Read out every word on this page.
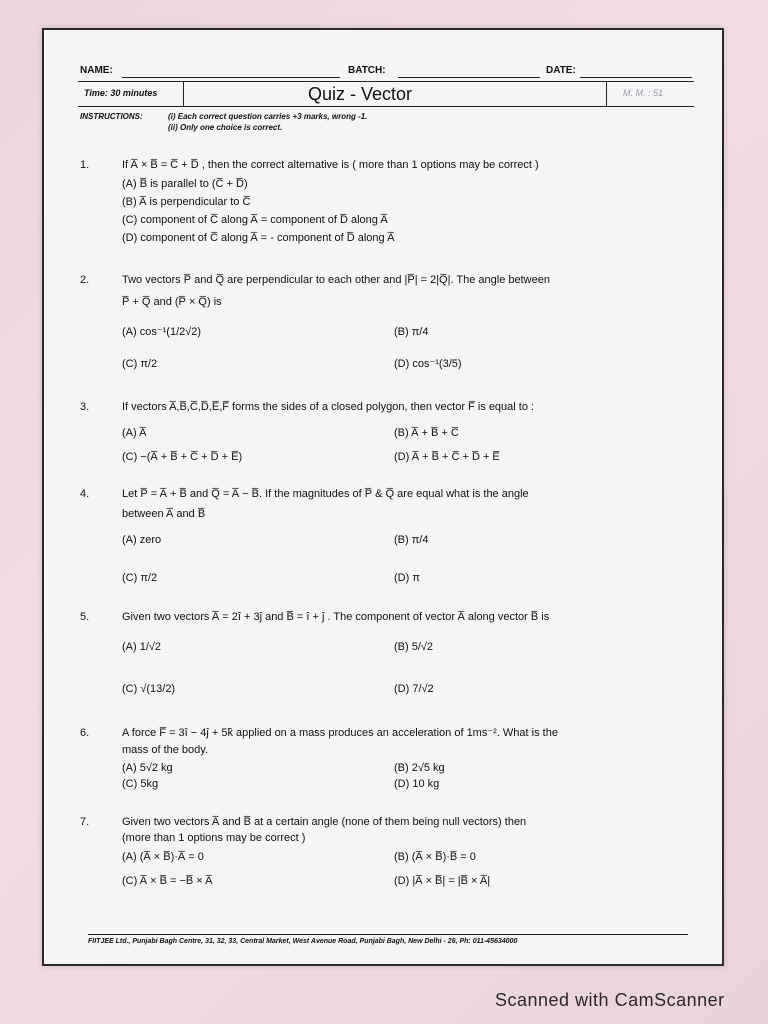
NAME:	BATCH:	DATE:
Time: 30 minutes	Quiz - Vector	M. M. : 51
INSTRUCTIONS:	(i) Each correct question carries +3 marks, wrong -1.
(ii) Only one choice is correct.
1.	If A̅ × B̅ = C̅ + D̅ , then the correct alternative is ( more than 1 options may be correct )
(A) B̅ is parallel to (C̅ + D̅)
(B) A̅ is perpendicular to C̅
(C) component of C̅ along A̅ = component of D̅ along A̅
(D) component of C̅ along A̅ = - component of D̅ along A̅
2.	Two vectors P̅ and Q̅ are perpendicular to each other and |P̅| = 2|Q̅|. The angle between
P̅ + Q̅ and (P̅ × Q̅) is
(A) cos⁻¹(1/2√2)	(B) π/4
(C) π/2	(D) cos⁻¹(3/5)
3.	If vectors A̅,B̅,C̅,D̅,E̅,F̅ forms the sides of a closed polygon, then vector F̅ is equal to :
(A) A̅	(B) A̅ + B̅ + C̅
(C) −(A̅ + B̅ + C̅ + D̅ + E̅)	(D) A̅ + B̅ + C̅ + D̅ + E̅
4.	Let P̅ = A̅ + B̅ and Q̅ = A̅ − B̅. If the magnitudes of P̅ & Q̅ are equal what is the angle
between A̅ and B̅
(A) zero	(B) π/4
(C) π/2	(D) π
5.	Given two vectors A̅ = 2î + 3ĵ and B̅ = î + ĵ . The component of vector A̅ along vector B̅ is
(A) 1/√2	(B) 5/√2
(C) √(13/2)	(D) 7/√2
6.	A force F̅ = 3î − 4ĵ + 5k̂ applied on a mass produces an acceleration of 1ms⁻². What is the
mass of the body.
(A) 5√2 kg	(B) 2√5 kg
(C) 5kg	(D) 10 kg
7.	Given two vectors A̅ and B̅ at a certain angle (none of them being null vectors) then
(more than 1 options may be correct )
(A) (A̅ × B̅)·A̅ = 0	(B) (A̅ × B̅)·B̅ = 0
(C) A̅ × B̅ = −B̅ × A̅	(D) |A̅ × B̅| = |B̅ × A̅|
FIITJEE Ltd., Punjabi Bagh Centre, 31, 32, 33, Central Market, West Avenue Road, Punjabi Bagh, New Delhi - 26, Ph: 011-45634000
Scanned with CamScanner
